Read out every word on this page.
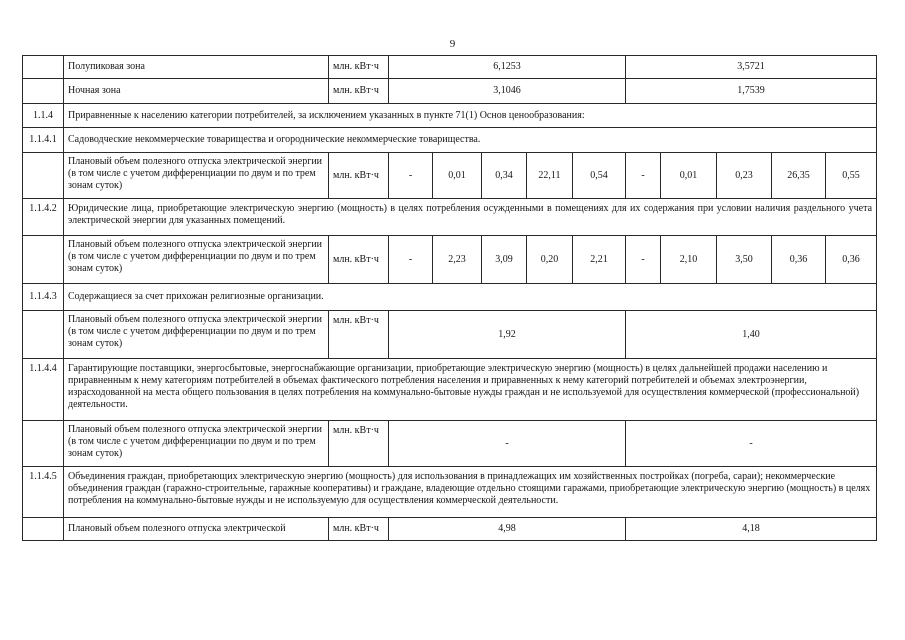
9
	Полупиковая зона	млн. кВт·ч	6,1253					3,5721				
	Ночная зона	млн. кВт·ч	3,1046					1,7539				
1.1.4	Приравненные к населению категории потребителей, за исключением указанных в пункте 71(1) Основ ценообразования:											
1.1.4.1	Садоводческие некоммерческие товарищества и огороднические некоммерческие товарищества.											
	Плановый объем полезного отпуска электрической энергии (в том числе с учетом дифференциации по двум и по трем зонам суток)	млн. кВт·ч	-	0,01	0,34	22,11	0,54	-	0,01	0,23	26,35	0,55
1.1.4.2	Юридические лица, приобретающие электрическую энергию (мощность) в целях потребления осужденными в помещениях для их содержания при условии наличия раздельного учета электрической энергии для указанных помещений.											
	Плановый объем полезного отпуска электрической энергии (в том числе с учетом дифференциации по двум и по трем зонам суток)	млн. кВт·ч	-	2,23	3,09	0,20	2,21	-	2,10	3,50	0,36	0,36
1.1.4.3	Содержащиеся за счет прихожан религиозные организации.											
	Плановый объем полезного отпуска электрической энергии (в том числе с учетом дифференциации по двум и по трем зонам суток)	млн. кВт·ч	1,92					1,40				
1.1.4.4	Гарантирующие поставщики, энергосбытовые, энергоснабжающие организации, приобретающие электрическую энергию (мощность) в целях дальнейшей продажи населению и приравненным к нему категориям потребителей в объемах фактического потребления населения и приравненных к нему категорий потребителей и объемах электроэнергии, израсходованной на места общего пользования в целях потребления на коммунально-бытовые нужды граждан и не используемой для осуществления коммерческой (профессиональной) деятельности.											
	Плановый объем полезного отпуска электрической энергии (в том числе с учетом дифференциации по двум и по трем зонам суток)	млн. кВт·ч	-					-				
1.1.4.5	Объединения граждан, приобретающих электрическую энергию (мощность) для использования в принадлежащих им хозяйственных постройках (погреба, сараи); некоммерческие объединения граждан (гаражно-строительные, гаражные кооперативы) и граждане, владеющие отдельно стоящими гаражами, приобретающие электрическую энергию (мощность) в целях потребления на коммунально-бытовые нужды и не используемую для осуществления коммерческой деятельности.											
	Плановый объем полезного отпуска электрической	млн. кВт·ч	4,98					4,18				
